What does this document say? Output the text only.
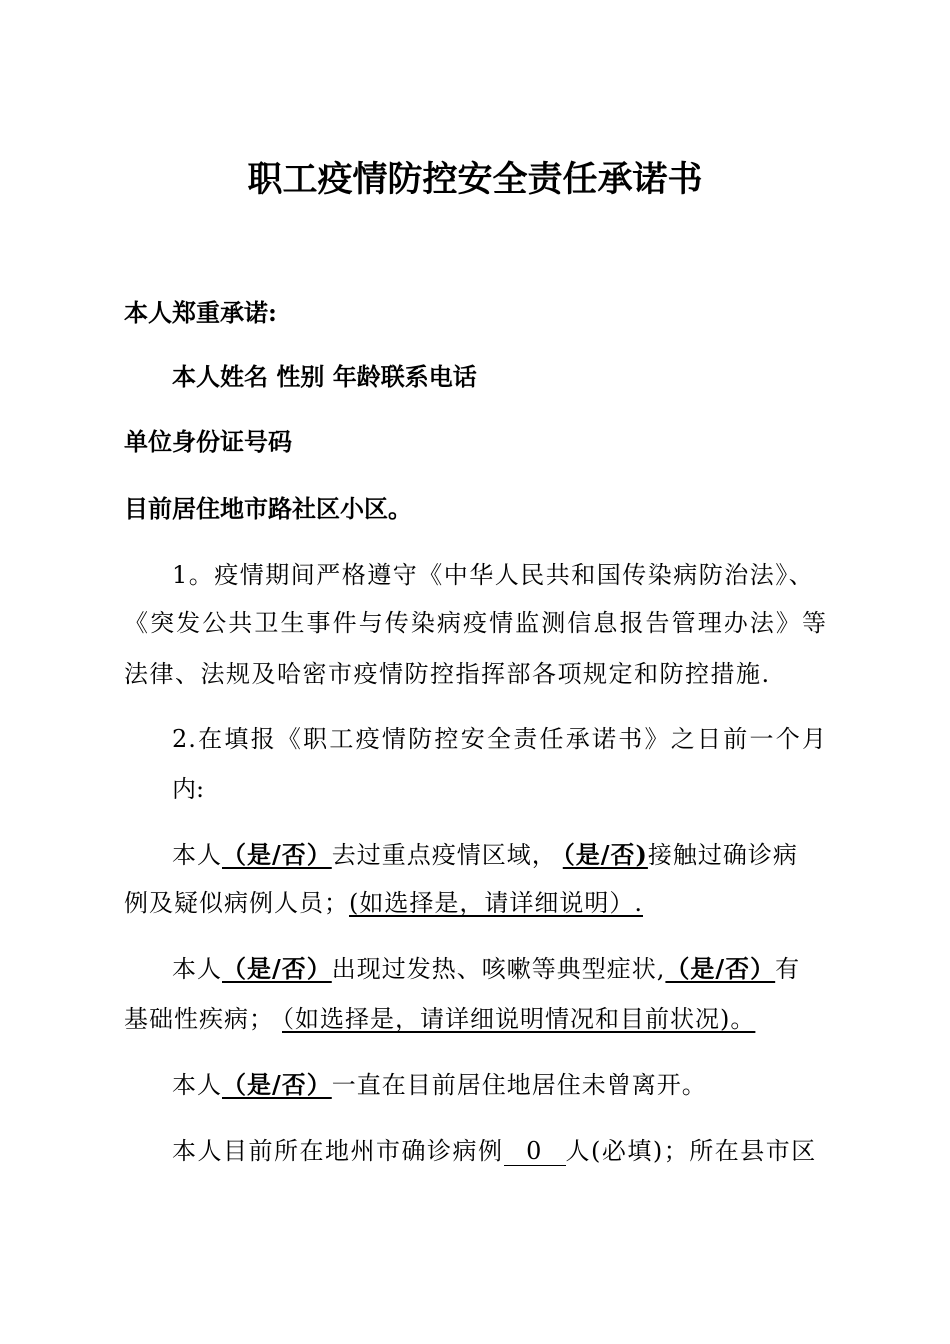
职工疫情防控安全责任承诺书
本人郑重承诺:
本人姓名 性别 年龄联系电话
单位身份证号码
目前居住地市路社区小区。
1。疫情期间严格遵守《中华人民共和国传染病防治法》、
《突发公共卫生事件与传染病疫情监测信息报告管理办法》等
法律、法规及哈密市疫情防控指挥部各项规定和防控措施.
2.在填报《职工疫情防控安全责任承诺书》之日前一个月
内:
本人（是/否）去过重点疫情区域， （是/否)接触过确诊病
例及疑似病例人员；(如选择是，请详细说明）.
本人（是/否）出现过发热、咳嗽等典型症状,（是/否）有
基础性疾病； （如选择是，请详细说明情况和目前状况)。
本人（是/否）一直在目前居住地居住未曾离开。
本人目前所在地州市确诊病例 0 人(必填)；所在县市区
